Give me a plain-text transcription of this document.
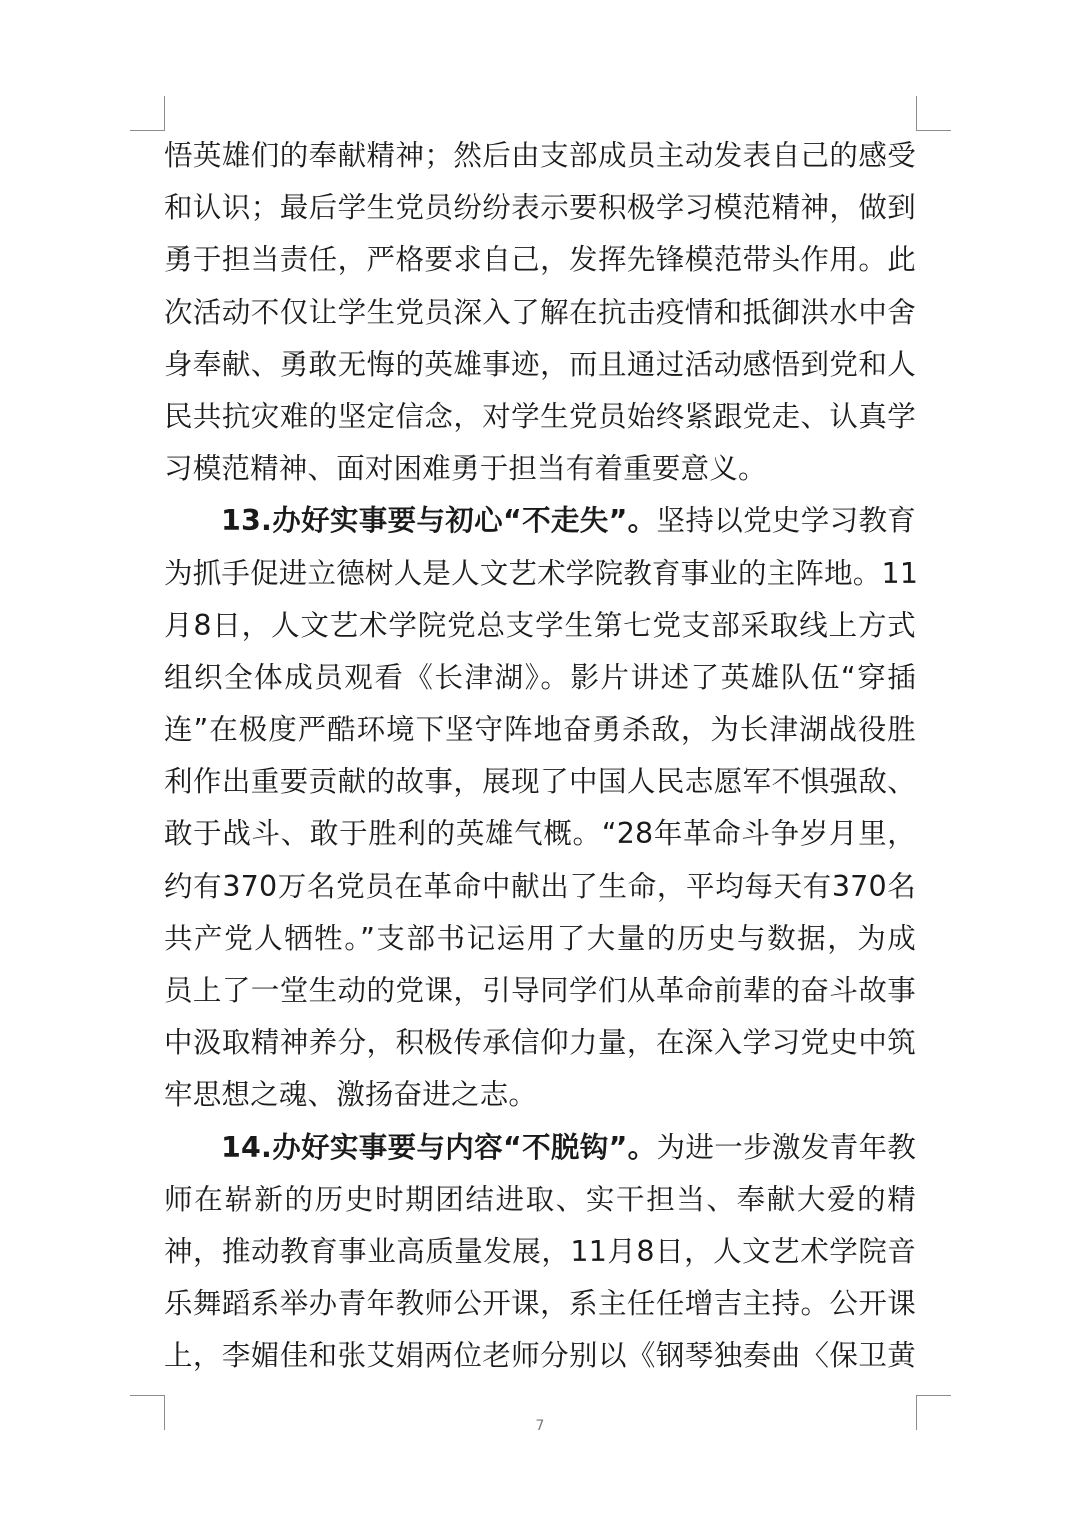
悟英雄们的奉献精神；然后由支部成员主动发表自己的感受
和认识；最后学生党员纷纷表示要积极学习模范精神，做到
勇于担当责任，严格要求自己，发挥先锋模范带头作用。此
次活动不仅让学生党员深入了解在抗击疫情和抵御洪水中舍
身奉献、勇敢无悔的英雄事迹，而且通过活动感悟到党和人
民共抗灾难的坚定信念，对学生党员始终紧跟党走、认真学
习模范精神、面对困难勇于担当有着重要意义。
13.办好实事要与初心“不走失”。坚持以党史学习教育
为抓手促进立德树人是人文艺术学院教育事业的主阵地。11
月8日，人文艺术学院党总支学生第七党支部采取线上方式
组织全体成员观看《长津湖》。影片讲述了英雄队伍“穿插
连”在极度严酷环境下坚守阵地奋勇杀敌，为长津湖战役胜
利作出重要贡献的故事，展现了中国人民志愿军不惧强敌、
敢于战斗、敢于胜利的英雄气概。“28年革命斗争岁月里，
约有370万名党员在革命中献出了生命，平均每天有370名
共产党人牺牲。”支部书记运用了大量的历史与数据，为成
员上了一堂生动的党课，引导同学们从革命前辈的奋斗故事
中汲取精神养分，积极传承信仰力量，在深入学习党史中筑
牢思想之魂、激扬奋进之志。
14.办好实事要与内容“不脱钩”。为进一步激发青年教
师在崭新的历史时期团结进取、实干担当、奉献大爱的精
神，推动教育事业高质量发展，11月8日，人文艺术学院音
乐舞蹈系举办青年教师公开课，系主任任增吉主持。公开课
上，李媚佳和张艾娟两位老师分别以《钢琴独奏曲〈保卫黄
7
